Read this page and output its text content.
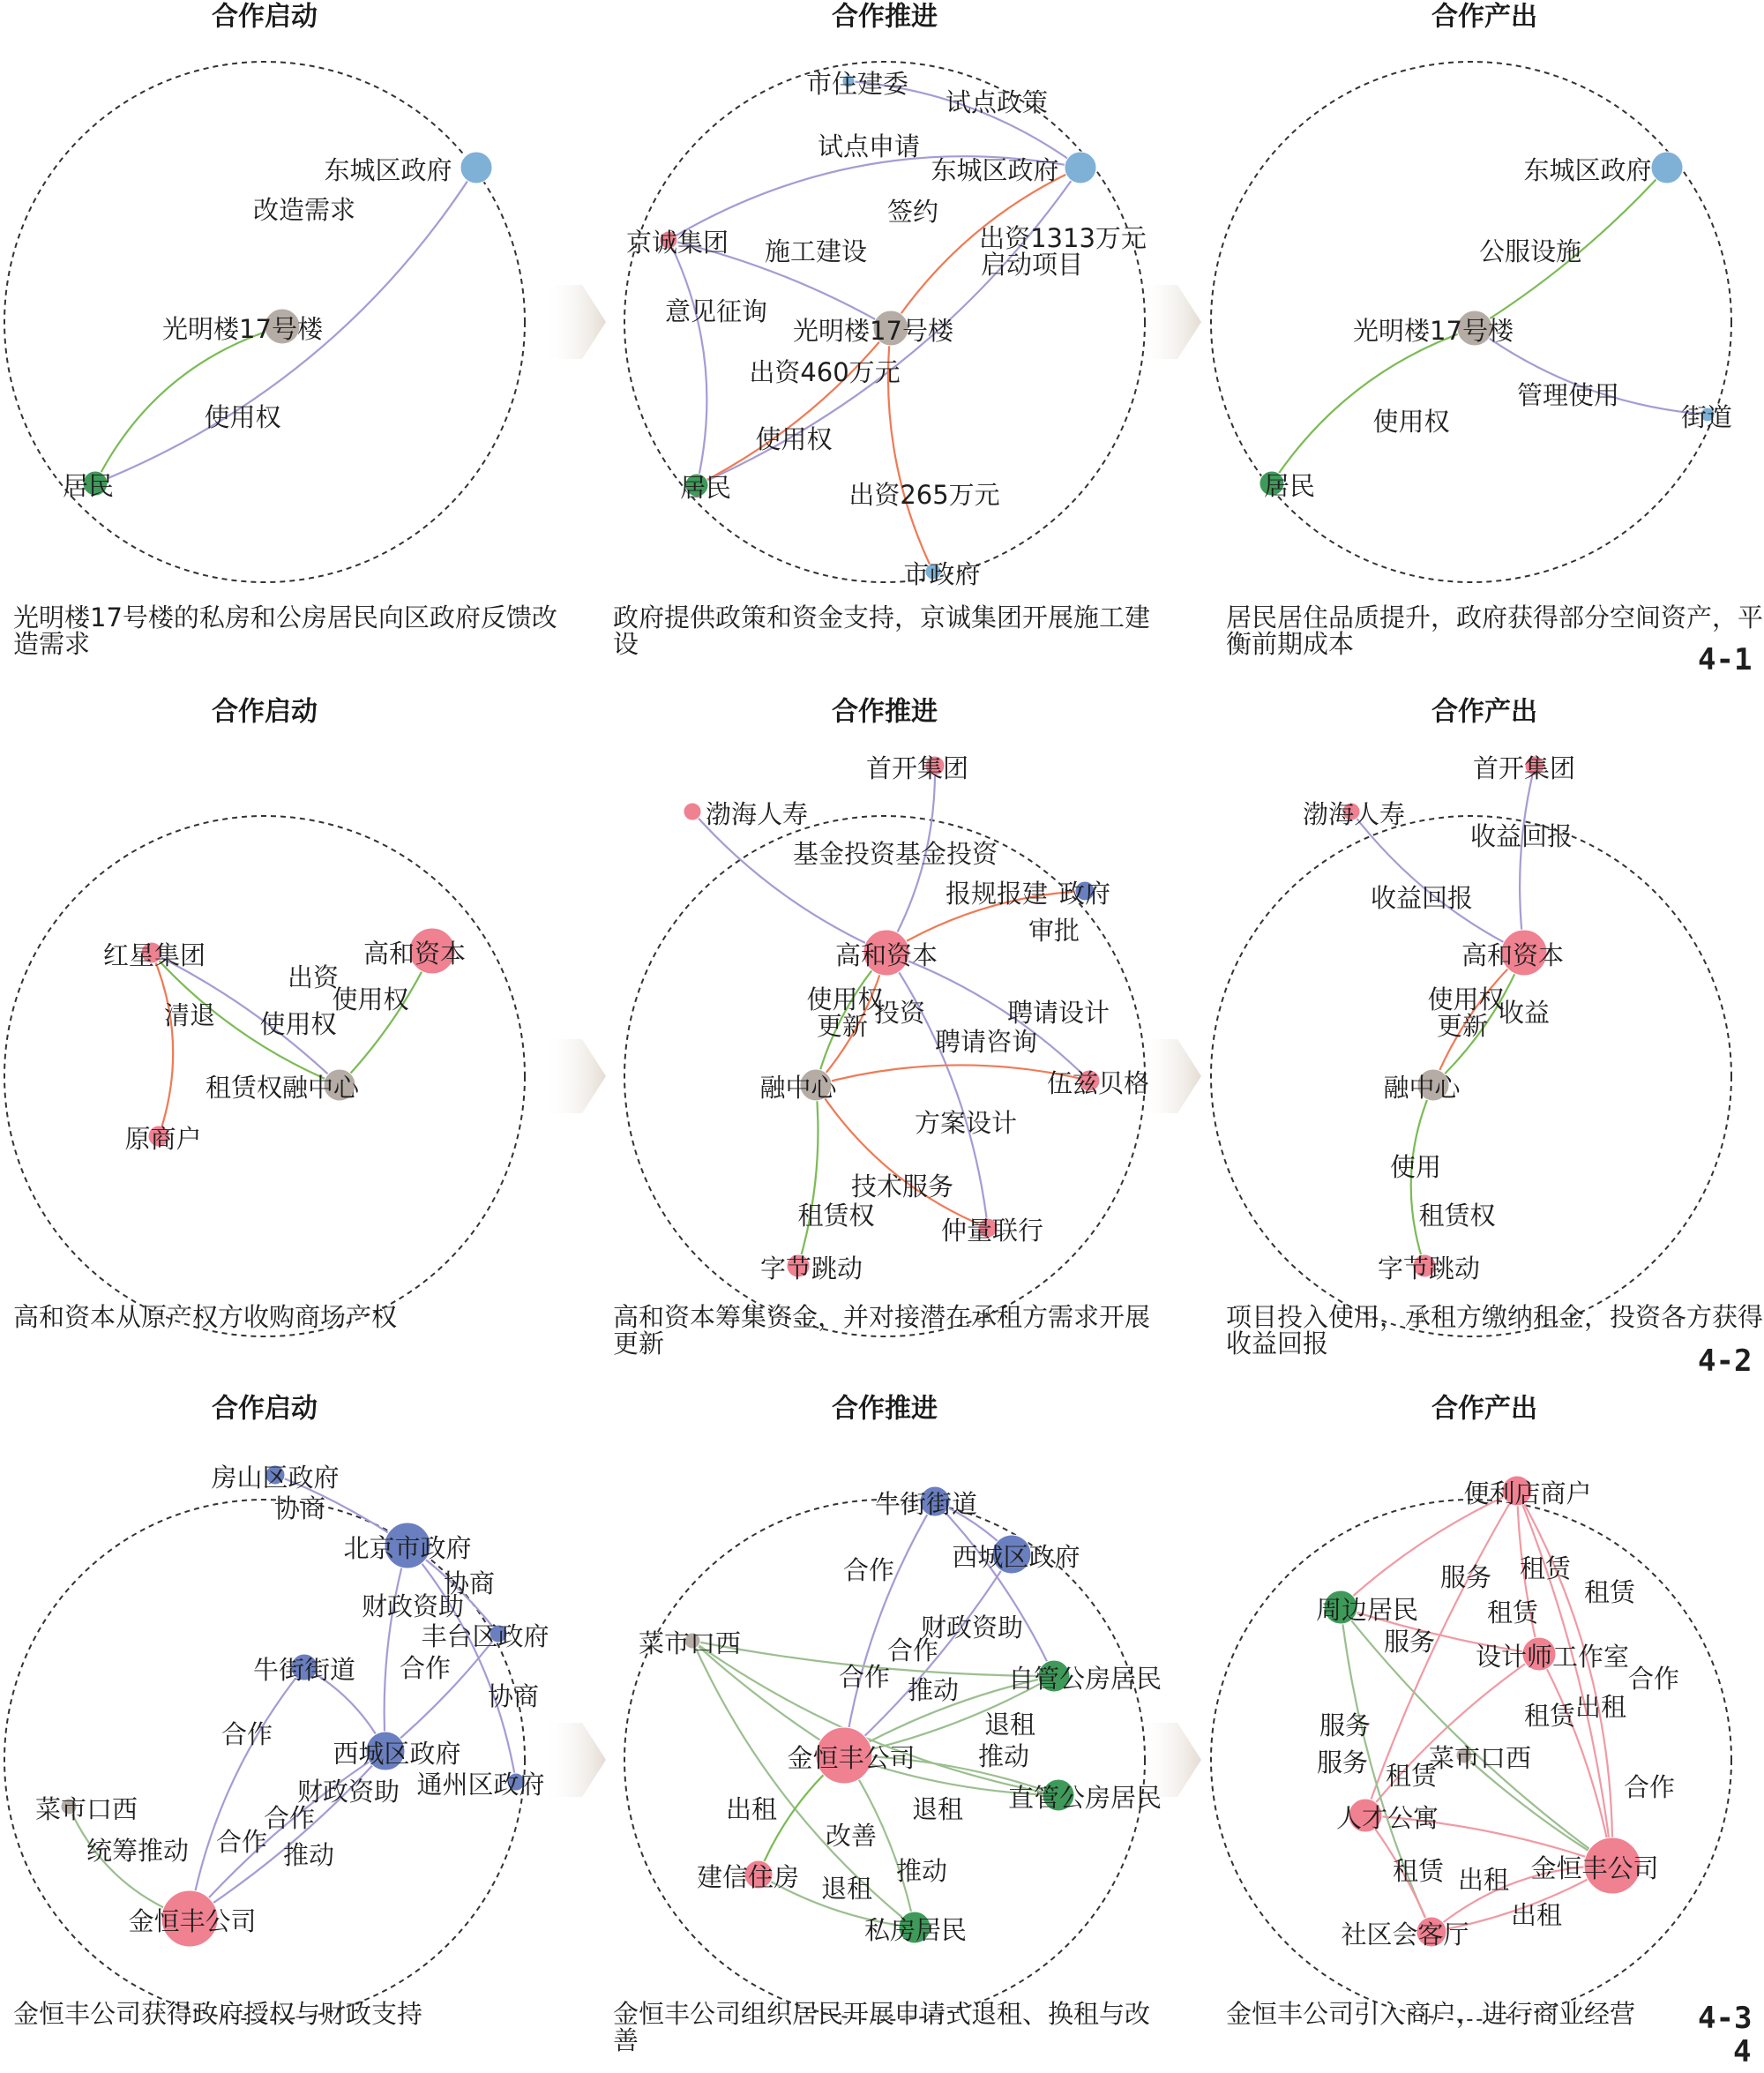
合作启动
东城区政府
光明楼17号楼
居民
改造需求
使用权
合作推进
市住建委
东城区政府
京诚集团
光明楼17号楼
居民
市政府
试点政策
试点申请
签约
施工建设	出资1313万元
启动项目
意见征询
出资460万元
使用权
出资265万元
合作产出
东城区政府
光明楼17号楼
街道
居民
公服设施
管理使用
使用权
合作启动
红星集团	高和资本
租赁权融中心
原商户
出资
使用权
清退 使用权
合作推进
首开集团
渤海人寿
政府
高和资本
融中心	伍兹贝格
仲量联行
字节跳动
基金投资基金投资
报规报建
审批
使用权
投资	聘请设计
更新
聘请咨询
方案设计
技术服务
租赁权
合作产出
首开集团
渤海人寿
高和资本
融中心
字节跳动
收益回报
收益回报
使用权
收益
更新
使用
租赁权
合作启动
房山区政府
北京市政府
丰台区政府
牛街街道
西城区政府
通州区政府
菜市口西
金恒丰公司
协商
协商
财政资助
合作
协商
合作
财政资助
合作
合作
统筹推动	推动
合作推进
牛街街道
西城区政府
菜市口西
自管公房居民
金恒丰公司
直管公房居民
建信住房
私房居民
合作
财政资助
合作
合作 推动
退租
推动
出租	退租
改善
推动
退租
合作产出
便利店商户
周边居民
设计师工作室
菜市口西
人才公寓
金恒丰公司
社区会客厅
服务 租赁
租赁
租赁
服务
合作
租赁 出租
服务
服务 租赁	合作
租赁 出租
出租
光明楼17号楼的私房和公房居民向区政府反馈改造需求
政府提供政策和资金支持，京诚集团开展施工建设
居民居住品质提升，政府获得部分空间资产，平衡前期成本	4-1
高和资本从原产权方收购商场产权	高和资本筹集资金，并对接潜在承租方需求开展更新
项目投入使用，承租方缴纳租金，投资各方获得收益回报	4-2
金恒丰公司获得政府授权与财政支持	金恒丰公司组织居民开展申请式退租、换租与改善
金恒丰公司引入商户，进行商业经营	4-3
4
